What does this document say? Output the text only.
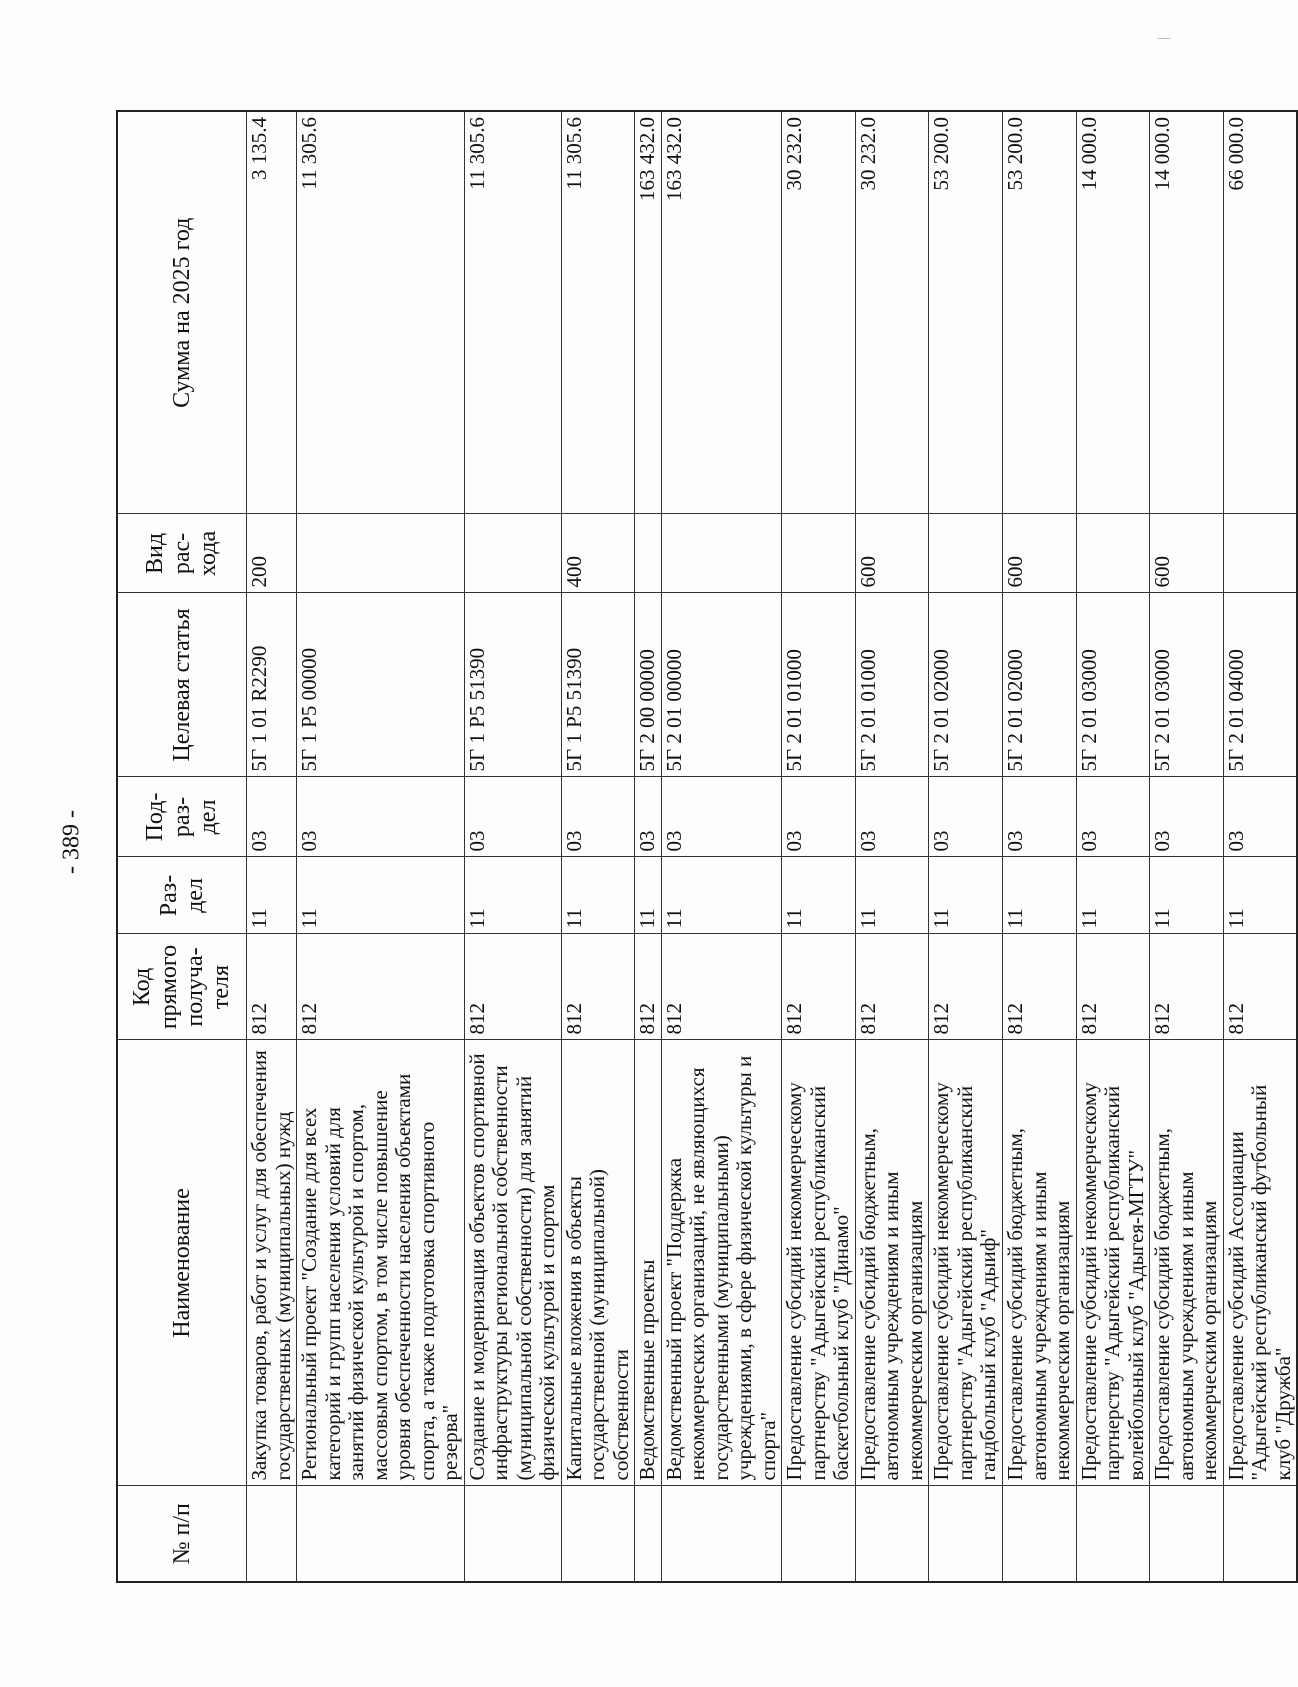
- 389 -
№ п/п	Наименование	Код прямого получа-теля	Раз-дел	Под-раз-дел	Целевая статья	Вид рас-хода	Сумма на 2025 год
	Закупка товаров, работ и услуг для обеспечения государственных (муниципальных) нужд	812	11	03	5Г 1 01 R2290	200	3 135.4
	Региональный проект "Создание для всех категорий и групп населения условий для занятий физической культурой и спортом, массовым спортом, в том числе повышение уровня обеспеченности населения объектами спорта, а также подготовка спортивного резерва"	812	11	03	5Г 1 Р5 00000		11 305.6
	Создание и модернизация объектов спортивной инфраструктуры региональной собственности (муниципальной собственности) для занятий физической культурой и спортом	812	11	03	5Г 1 Р5 51390		11 305.6
	Капитальные вложения в объекты государственной (муниципальной) собственности	812	11	03	5Г 1 Р5 51390	400	11 305.6
	Ведомственные проекты	812	11	03	5Г 2 00 00000		163 432.0
	Ведомственный проект "Поддержка некоммерческих организаций, не являющихся государственными (муниципальными) учреждениями, в сфере физической культуры и спорта"	812	11	03	5Г 2 01 00000		163 432.0
	Предоставление субсидий некоммерческому партнерству "Адыгейский республиканский баскетбольный клуб "Динамо"	812	11	03	5Г 2 01 01000		30 232.0
	Предоставление субсидий бюджетным, автономным учреждениям и иным некоммерческим организациям	812	11	03	5Г 2 01 01000	600	30 232.0
	Предоставление субсидий некоммерческому партнерству "Адыгейский республиканский гандбольный клуб "Адыиф"	812	11	03	5Г 2 01 02000		53 200.0
	Предоставление субсидий бюджетным, автономным учреждениям и иным некоммерческим организациям	812	11	03	5Г 2 01 02000	600	53 200.0
	Предоставление субсидий некоммерческому партнерству "Адыгейский республиканский волейбольный клуб "Адыгея-МГТУ"	812	11	03	5Г 2 01 03000		14 000.0
	Предоставление субсидий бюджетным, автономным учреждениям и иным некоммерческим организациям	812	11	03	5Г 2 01 03000	600	14 000.0
	Предоставление субсидий Ассоциации "Адыгейский республиканский футбольный клуб "Дружба"	812	11	03	5Г 2 01 04000		66 000.0
